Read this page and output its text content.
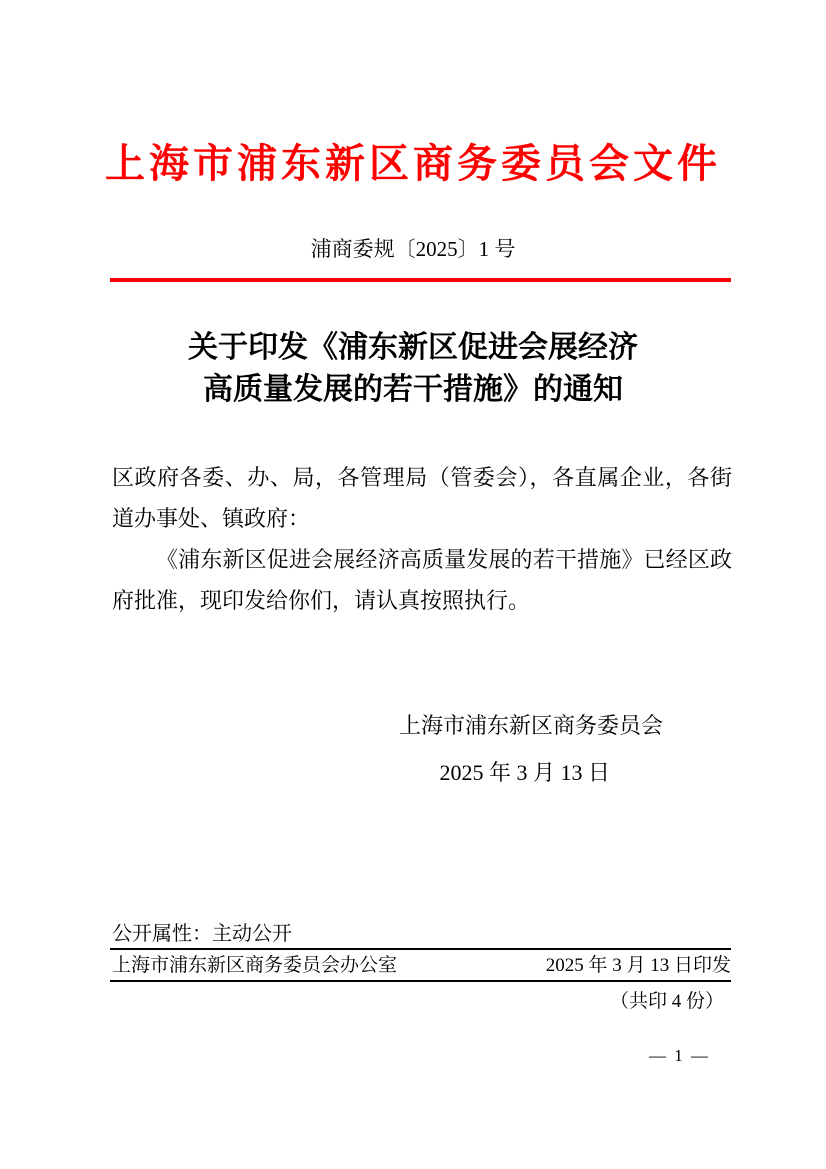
上海市浦东新区商务委员会文件
浦商委规〔2025〕1 号
关于印发《浦东新区促进会展经济
高质量发展的若干措施》的通知

区政府各委、办、局，各管理局（管委会），各直属企业，各街道办事处、镇政府：

《浦东新区促进会展经济高质量发展的若干措施》已经区政府批准，现印发给你们，请认真按照执行。

上海市浦东新区商务委员会
2025 年 3 月 13 日
公开属性：主动公开
上海市浦东新区商务委员会办公室	2025 年 3 月 13 日印发
（共印 4 份）
— 1 —
